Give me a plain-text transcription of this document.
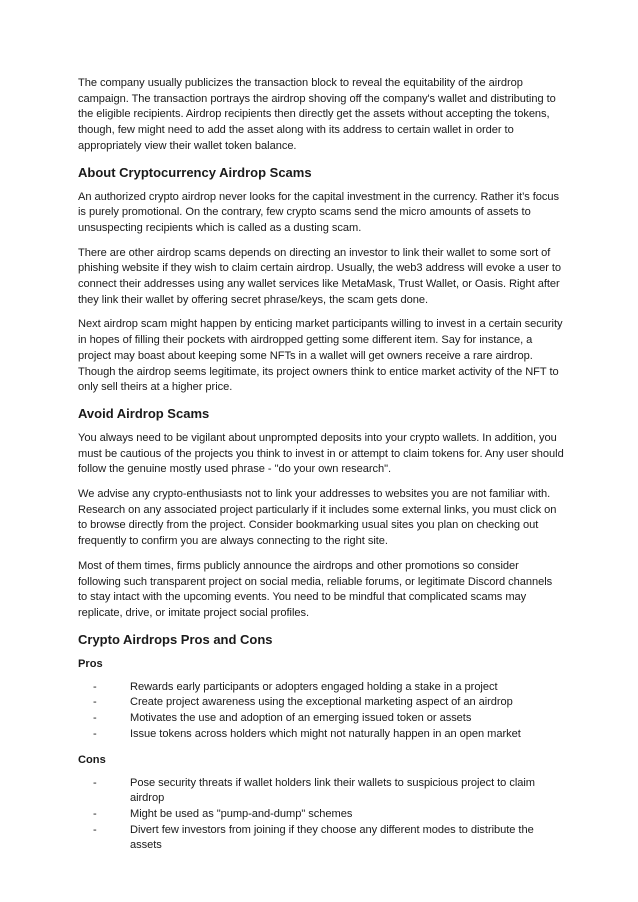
The company usually publicizes the transaction block to reveal the equitability of the airdrop campaign. The transaction portrays the airdrop shoving off the company's wallet and distributing to the eligible recipients. Airdrop recipients then directly get the assets without accepting the tokens, though, few might need to add the asset along with its address to certain wallet in order to appropriately view their wallet token balance.

About Cryptocurrency Airdrop Scams

An authorized crypto airdrop never looks for the capital investment in the currency. Rather it’s focus is purely promotional. On the contrary, few crypto scams send the micro amounts of assets to unsuspecting recipients which is called as a dusting scam.

There are other airdrop scams depends on directing an investor to link their wallet to some sort of phishing website if they wish to claim certain airdrop. Usually, the web3 address will evoke a user to connect their addresses using any wallet services like MetaMask, Trust Wallet, or Oasis. Right after they link their wallet by offering secret phrase/keys, the scam gets done.

Next airdrop scam might happen by enticing market participants willing to invest in a certain security in hopes of filling their pockets with airdropped getting some different item. Say for instance, a project may boast about keeping some NFTs in a wallet will get owners receive a rare airdrop. Though the airdrop seems legitimate, its project owners think to entice market activity of the NFT to only sell theirs at a higher price.

Avoid Airdrop Scams

You always need to be vigilant about unprompted deposits into your crypto wallets. In addition, you must be cautious of the projects you think to invest in or attempt to claim tokens for. Any user should follow the genuine mostly used phrase - "do your own research".

We advise any crypto-enthusiasts not to link your addresses to websites you are not familiar with. Research on any associated project particularly if it includes some external links, you must click on to browse directly from the project. Consider bookmarking usual sites you plan on checking out frequently to confirm you are always connecting to the right site.

Most of them times, firms publicly announce the airdrops and other promotions so consider following such transparent project on social media, reliable forums, or legitimate Discord channels to stay intact with the upcoming events. You need to be mindful that complicated scams may replicate, drive, or imitate project social profiles.

Crypto Airdrops Pros and Cons
Pros
-	Rewards early participants or adopters engaged holding a stake in a project
-	Create project awareness using the exceptional marketing aspect of an airdrop
-	Motivates the use and adoption of an emerging issued token or assets
-	Issue tokens across holders which might not naturally happen in an open market
Cons
-	Pose security threats if wallet holders link their wallets to suspicious project to claim airdrop
-	Might be used as "pump-and-dump" schemes
-	Divert few investors from joining if they choose any different modes to distribute the assets
